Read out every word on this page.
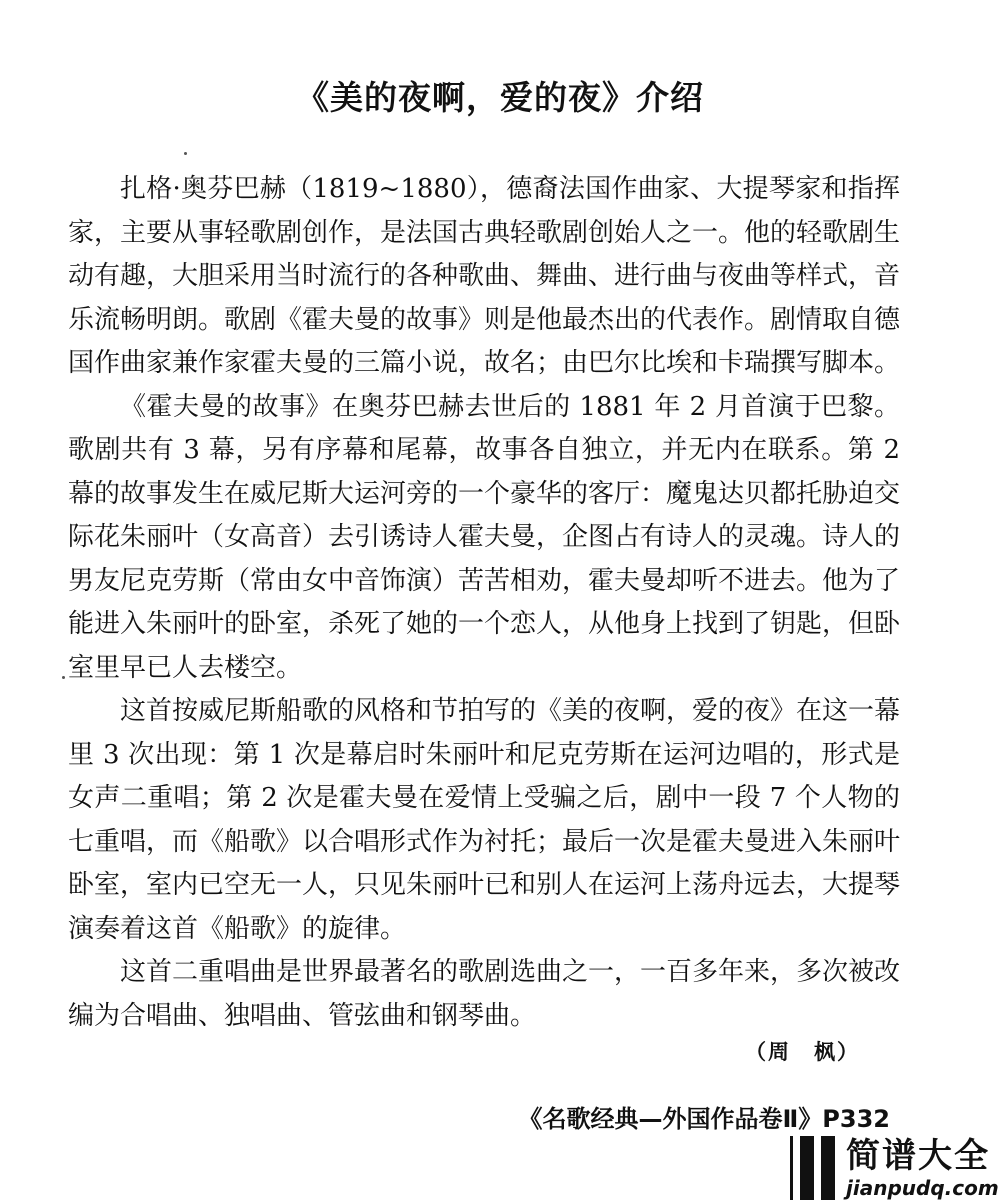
《美的夜啊，爱的夜》介绍

扎格·奥芬巴赫（1819~1880），德裔法国作曲家、大提琴家和指挥家，主要从事轻歌剧创作，是法国古典轻歌剧创始人之一。他的轻歌剧生动有趣，大胆采用当时流行的各种歌曲、舞曲、进行曲与夜曲等样式，音乐流畅明朗。歌剧《霍夫曼的故事》则是他最杰出的代表作。剧情取自德国作曲家兼作家霍夫曼的三篇小说，故名；由巴尔比埃和卡瑞撰写脚本。

《霍夫曼的故事》在奥芬巴赫去世后的 1881 年 2 月首演于巴黎。歌剧共有 3 幕，另有序幕和尾幕，故事各自独立，并无内在联系。第 2 幕的故事发生在威尼斯大运河旁的一个豪华的客厅：魔鬼达贝都托胁迫交际花朱丽叶（女高音）去引诱诗人霍夫曼，企图占有诗人的灵魂。诗人的男友尼克劳斯（常由女中音饰演）苦苦相劝，霍夫曼却听不进去。他为了能进入朱丽叶的卧室，杀死了她的一个恋人，从他身上找到了钥匙，但卧室里早已人去楼空。

这首按威尼斯船歌的风格和节拍写的《美的夜啊，爱的夜》在这一幕里 3 次出现：第 1 次是幕启时朱丽叶和尼克劳斯在运河边唱的，形式是女声二重唱；第 2 次是霍夫曼在爱情上受骗之后，剧中一段 7 个人物的七重唱，而《船歌》以合唱形式作为衬托；最后一次是霍夫曼进入朱丽叶卧室，室内已空无一人，只见朱丽叶已和别人在运河上荡舟远去，大提琴演奏着这首《船歌》的旋律。

这首二重唱曲是世界最著名的歌剧选曲之一，一百多年来，多次被改编为合唱曲、独唱曲、管弦曲和钢琴曲。

（周　枫）
《名歌经典—外国作品卷Ⅱ》P332
简谱大全
jianpudq.com
